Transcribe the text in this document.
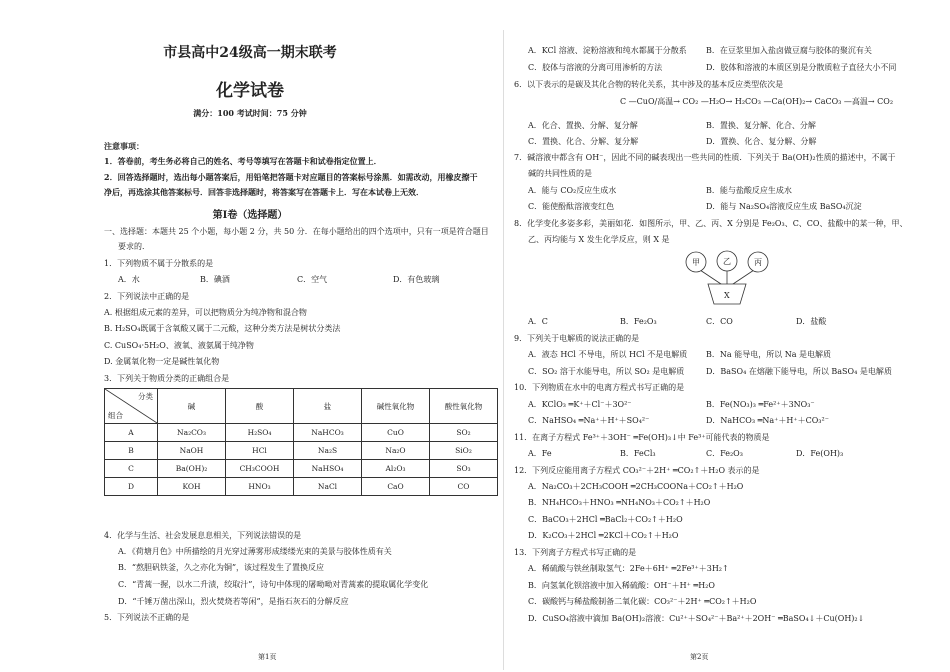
市县高中24级高一期末联考
化学试卷
满分：100 考试时间：75 分钟
注意事项：
1．答卷前，考生务必将自己的姓名、考号等填写在答题卡和试卷指定位置上．
2．回答选择题时，选出每小题答案后，用铅笔把答题卡对应题目的答案标号涂黑．如需改动，用橡皮擦干
净后，再选涂其他答案标号．回答非选择题时，将答案写在答题卡上．写在本试卷上无效．
第Ⅰ卷（选择题）
一、选择题：本题共 25 个小题，每小题 2 分，共 50 分．在每小题给出的四个选项中，只有一项是符合题目
要求的．
1．下列物质不属于分散系的是
A．水	B．碘酒	C．空气	D．有色玻璃
2．下列说法中正确的是
A. 根据组成元素的差异，可以把物质分为纯净物和混合物
B. H₂SO₄既属于含氧酸又属于二元酸，这种分类方法是树状分类法
C. CuSO₄·5H₂O、液氧、液氨属于纯净物
D. 金属氧化物一定是碱性氧化物
3．下列关于物质分类的正确组合是
分类
组合	碱	酸	盐	碱性氧化物	酸性氧化物
A	Na₂CO₃	H₂SO₄	NaHCO₃	CuO	SO₂
B	NaOH	HCl	Na₂S	Na₂O	SiO₂
C	Ba(OH)₂	CH₃COOH	NaHSO₄	Al₂O₃	SO₃
D	KOH	HNO₃	NaCl	CaO	CO
4．化学与生活、社会发展息息相关，下列说法错误的是
A．《荷塘月色》中所描绘的月光穿过薄雾形成缕缕光束的美景与胶体性质有关
B．“熬胆矾铁釜，久之亦化为铜”，该过程发生了置换反应
C．“青蒿一握，以水二升渍，绞取汁”，诗句中体现的屠呦呦对青蒿素的提取属化学变化
D．“千锤万凿出深山，烈火焚烧若等闲”，是指石灰石的分解反应
5．下列说法不正确的是
第1页
A．KCl 溶液、淀粉溶液和纯水都属于分散系 B．在豆浆里加入盐卤做豆腐与胶体的聚沉有关
C．胶体与溶液的分离可用渗析的方法	D．胶体和溶液的本质区别是分散质粒子直径大小不同
6．以下表示的是碳及其化合物的转化关系，其中涉及的基本反应类型依次是
C —CuO/高温→ CO₂ —H₂O→ H₂CO₃ —Ca(OH)₂→ CaCO₃ —高温→ CO₂
A．化合、置换、分解、复分解	B．置换、复分解、化合、分解
C．置换、化合、分解、复分解	D．置换、化合、复分解、分解
7．碱溶液中都含有 OH⁻，因此不同的碱表现出一些共同的性质．下列关于 Ba(OH)₂性质的描述中，不属于
碱的共同性质的是
A．能与 CO₂反应生成水	B．能与盐酸反应生成水
C．能使酚酞溶液变红色	D．能与 Na₂SO₄溶液反应生成 BaSO₄沉淀
8．化学变化多姿多彩，美丽如花．如图所示，甲、乙、丙、X 分别是 Fe₂O₃、C、CO、盐酸中的某一种，甲、
乙、丙均能与 X 发生化学反应，则 X 是
A．C	B．Fe₂O₃	C．CO	D．盐酸
9．下列关于电解质的说法正确的是
A．液态 HCl 不导电，所以 HCl 不是电解质 B．Na 能导电，所以 Na 是电解质
C．SO₂ 溶于水能导电，所以 SO₂ 是电解质	D．BaSO₄ 在熔融下能导电，所以 BaSO₄ 是电解质
10．下列物质在水中的电离方程式书写正确的是
A．KClO₃ ═K⁺＋Cl⁻＋3O²⁻	B．Fe(NO₃)₃ ═Fe²⁺＋3NO₃⁻
C．NaHSO₄ ═Na⁺＋H⁺＋SO₄²⁻	D．NaHCO₃ ═Na⁺＋H⁺＋CO₃²⁻
11．在离子方程式 Fe³⁺＋3OH⁻ ═Fe(OH)₃↓中 Fe³⁺可能代表的物质是
A．Fe	B．FeCl₃	C．Fe₂O₃	D．Fe(OH)₃
12．下列反应能用离子方程式 CO₃²⁻＋2H⁺ ═CO₂↑＋H₂O 表示的是
A．Na₂CO₃＋2CH₃COOH ═2CH₃COONa＋CO₂↑＋H₂O
B．NH₄HCO₃＋HNO₃ ═NH₄NO₃＋CO₂↑＋H₂O
C．BaCO₃＋2HCl ═BaCl₂＋CO₂↑＋H₂O
D．K₂CO₃＋2HCl ═2KCl＋CO₂↑＋H₂O
13．下列离子方程式书写正确的是
A．稀硫酸与铁丝制取氢气：2Fe＋6H⁺ ═2Fe³⁺＋3H₂↑
B．向氢氧化钡溶液中加入稀硫酸：OH⁻＋H⁺ ═H₂O
C．碳酸钙与稀盐酸制备二氧化碳：CO₃²⁻＋2H⁺ ═CO₂↑＋H₂O
D．CuSO₄溶液中滴加 Ba(OH)₂溶液：Cu²⁺＋SO₄²⁻＋Ba²⁺＋2OH⁻ ═BaSO₄↓＋Cu(OH)₂↓
第2页
甲	乙	丙
X
